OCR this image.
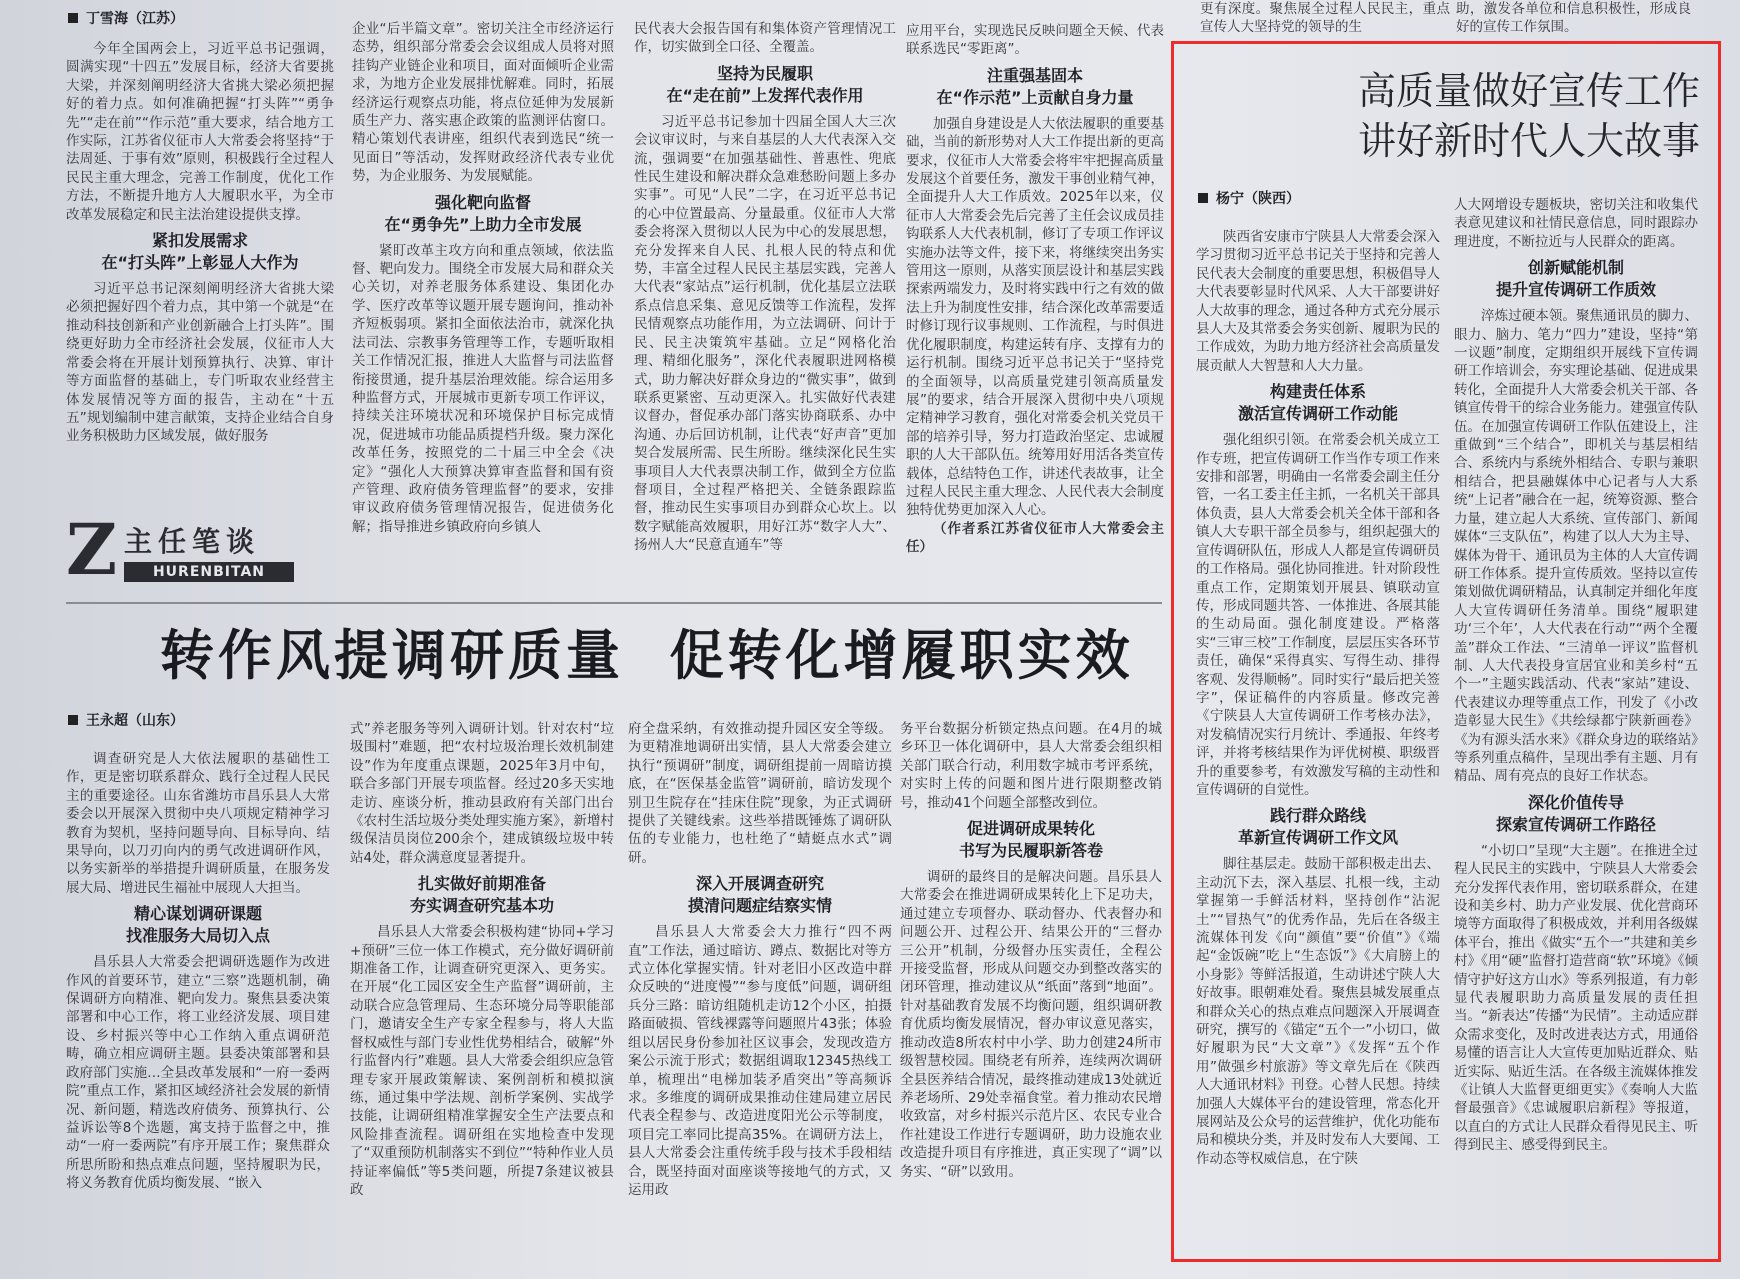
丁雪海（江苏）

今年全国两会上，习近平总书记强调，圆满实现“十四五”发展目标，经济大省要挑大梁，并深刻阐明经济大省挑大梁必须把握好的着力点。如何准确把握“打头阵”“勇争先”“走在前”“作示范”重大要求，结合地方工作实际，江苏省仪征市人大常委会将坚持“于法周延、于事有效”原则，积极践行全过程人民民主重大理念，完善工作制度，优化工作方法，不断提升地方人大履职水平，为全市改革发展稳定和民主法治建设提供支撑。

紧扣发展需求
在“打头阵”上彰显人大作为

习近平总书记深刻阐明经济大省挑大梁必须把握好四个着力点，其中第一个就是“在推动科技创新和产业创新融合上打头阵”。围绕更好助力全市经济社会发展，仪征市人大常委会将在开展计划预算执行、决算、审计等方面监督的基础上，专门听取农业经营主体发展情况等方面的报告，主动在“十五五”规划编制中建言献策，支持企业结合自身业务积极助力区域发展，做好服务

Z 主任笔谈
HURENBITAN

企业“后半篇文章”。密切关注全市经济运行态势，组织部分常委会会议组成人员将对照挂钩产业链企业和项目，面对面倾听企业需求，为地方企业发展排忧解难。同时，拓展经济运行观察点功能，将点位延伸为发展新质生产力、落实惠企政策的监测评估窗口。精心策划代表讲座，组织代表到选民“统一见面日”等活动，发挥财政经济代表专业优势，为企业服务、为发展赋能。

强化靶向监督
在“勇争先”上助力全市发展

紧盯改革主攻方向和重点领域，依法监督、靶向发力。围绕全市发展大局和群众关心关切，对养老服务体系建设、集团化办学、医疗改革等议题开展专题询问，推动补齐短板弱项。紧扣全面依法治市，就深化执法司法、宗教事务管理等工作，专题听取相关工作情况汇报，推进人大监督与司法监督衔接贯通，提升基层治理效能。综合运用多种监督方式，开展城市更新专项工作评议，持续关注环境状况和环境保护目标完成情况，促进城市功能品质提档升级。聚力深化改革任务，按照党的二十届三中全会《决定》“强化人大预算决算审查监督和国有资产管理、政府债务管理监督”的要求，安排审议政府债务管理情况报告，促进债务化解；指导推进乡镇政府向乡镇人

民代表大会报告国有和集体资产管理情况工作，切实做到全口径、全覆盖。

坚持为民履职
在“走在前”上发挥代表作用

习近平总书记参加十四届全国人大三次会议审议时，与来自基层的人大代表深入交流，强调要“在加强基础性、普惠性、兜底性民生建设和解决群众急难愁盼问题上多办实事”。可见“人民”二字，在习近平总书记的心中位置最高、分量最重。仪征市人大常委会将深入贯彻以人民为中心的发展思想，充分发挥来自人民、扎根人民的特点和优势，丰富全过程人民民主基层实践，完善人大代表“家站点”运行机制，优化基层立法联系点信息采集、意见反馈等工作流程，发挥民情观察点功能作用，为立法调研、问计于民、民主决策筑牢基础。立足“网格化治理、精细化服务”，深化代表履职进网格模式，助力解决好群众身边的“微实事”，做到联系更紧密、互动更深入。扎实做好代表建议督办，督促承办部门落实协商联系、办中沟通、办后回访机制，让代表“好声音”更加契合发展所需、民生所盼。继续深化民生实事项目人大代表票决制工作，做到全方位监督项目，全过程严格把关、全链条跟踪监督，推动民生实事项目办到群众心坎上。以数字赋能高效履职，用好江苏“数字人大”、扬州人大“民意直通车”等

应用平台，实现选民反映问题全天候、代表联系选民“零距离”。

注重强基固本
在“作示范”上贡献自身力量

加强自身建设是人大依法履职的重要基础，当前的新形势对人大工作提出新的更高要求，仪征市人大常委会将牢牢把握高质量发展这个首要任务，激发干事创业精气神，全面提升人大工作质效。2025年以来，仪征市人大常委会先后完善了主任会议成员挂钩联系人大代表机制，修订了专项工作评议实施办法等文件，接下来，将继续突出务实管用这一原则，从落实顶层设计和基层实践探索两端发力，及时将实践中行之有效的做法上升为制度性安排，结合深化改革需要适时修订现行议事规则、工作流程，与时俱进优化履职制度，构建运转有序、支撑有力的运行机制。围绕习近平总书记关于“坚持党的全面领导，以高质量党建引领高质量发展”的要求，结合开展深入贯彻中央八项规定精神学习教育，强化对常委会机关党员干部的培养引导，努力打造政治坚定、忠诚履职的人大干部队伍。统筹用好用活各类宣传载体，总结特色工作，讲述代表故事，让全过程人民民主重大理念、人民代表大会制度独特优势更加深入人心。

（作者系江苏省仪征市人大常委会主任）

更有深度。聚焦展全过程人民民主，重点宣传人大坚持党的领导的生

助，激发各单位和信息积极性，形成良好的宣传工作氛围。

转作风提调研质量  促转化增履职实效
王永超（山东）

调查研究是人大依法履职的基础性工作，更是密切联系群众、践行全过程人民民主的重要途径。山东省潍坊市昌乐县人大常委会以开展深入贯彻中央八项规定精神学习教育为契机，坚持问题导向、目标导向、结果导向，以刀刃向内的勇气改进调研作风，以务实新举的举措提升调研质量，在服务发展大局、增进民生福祉中展现人大担当。

精心谋划调研课题
找准服务大局切入点

昌乐县人大常委会把调研选题作为改进作风的首要环节，建立“三察”选题机制，确保调研方向精准、靶向发力。聚焦县委决策部署和中心工作，将工业经济发展、项目建设、乡村振兴等中心工作纳入重点调研范畴，确立相应调研主题。县委决策部署和县政府部门实施…全县改革发展和“一府一委两院”重点工作，紧扣区域经济社会发展的新情况、新问题，精选改府债务、预算执行、公益诉讼等8个选题，寓支持于监督之中，推动“一府一委两院”有序开展工作；聚焦群众所思所盼和热点难点问题，坚持履职为民，将义务教育优质均衡发展、“嵌入

式”养老服务等列入调研计划。针对农村“垃圾围村”难题，把“农村垃圾治理长效机制建设”作为年度重点课题，2025年3月中旬，联合多部门开展专项监督。经过20多天实地走访、座谈分析，推动县政府有关部门出台《农村生活垃圾分类处理实施方案》，新增村级保洁员岗位200余个，建成镇级垃圾中转站4处，群众满意度显著提升。

扎实做好前期准备
夯实调查研究基本功

昌乐县人大常委会积极构建“协同+学习+预研”三位一体工作模式，充分做好调研前期准备工作，让调查研究更深入、更务实。在开展“化工园区安全生产监督”调研前，主动联合应急管理局、生态环境分局等职能部门，邀请安全生产专家全程参与，将人大监督权威性与部门专业性优势相结合，破解“外行监督内行”难题。县人大常委会组织应急管理专家开展政策解读、案例剖析和模拟演练，通过集中学法规、剖析学案例、实战学技能，让调研组精准掌握安全生产法要点和风险排查流程。调研组在实地检查中发现了“双重预防机制落实不到位”“特种作业人员持证率偏低”等5类问题，所提7条建议被县政

府全盘采纳，有效推动提升园区安全等级。为更精准地调研出实情，县人大常委会建立执行“预调研”制度，调研组提前一周暗访摸底，在“医保基金监管”调研前，暗访发现个别卫生院存在“挂床住院”现象，为正式调研提供了关键线索。这些举措既锤炼了调研队伍的专业能力，也杜绝了“蜻蜓点水式”调研。

深入开展调查研究
摸清问题症结察实情

昌乐县人大常委会大力推行“四不两直”工作法，通过暗访、蹲点、数据比对等方式立体化掌握实情。针对老旧小区改造中群众反映的“进度慢”“参与度低”问题，调研组兵分三路：暗访组随机走访12个小区，拍摄路面破损、管线裸露等问题照片43张；体验组以居民身份参加社区议事会，发现改造方案公示流于形式；数据组调取12345热线工单，梳理出“电梯加装矛盾突出”等高频诉求。多维度的调研成果推动住建局建立居民代表全程参与、改造进度阳光公示等制度，项目完工率同比提高35%。在调研方法上，县人大常委会注重传统手段与技术手段相结合，既坚持面对面座谈等接地气的方式，又运用政

务平台数据分析锁定热点问题。在4月的城乡环卫一体化调研中，县人大常委会组织相关部门联合行动，利用数字城市考评系统，对实时上传的问题和图片进行限期整改销号，推动41个问题全部整改到位。

促进调研成果转化
书写为民履职新答卷

调研的最终目的是解决问题。昌乐县人大常委会在推进调研成果转化上下足功夫，通过建立专项督办、联动督办、代表督办和问题公开、过程公开、结果公开的“三督办三公开”机制，分级督办压实责任，全程公开接受监督，形成从问题交办到整改落实的闭环管理，推动建议从“纸面”落到“地面”。针对基础教育发展不均衡问题，组织调研教育优质均衡发展情况，督办审议意见落实，推动改造8所农村中小学、助力创建24所市级智慧校园。围绕老有所养，连续两次调研全县医养结合情况，最终推动建成13处就近养老场所、29处幸福食堂。着力推动农民增收致富，对乡村振兴示范片区、农民专业合作社建设工作进行专题调研，助力设施农业改造提升项目有序推进，真正实现了“调”以务实、“研”以致用。

高质量做好宣传工作
讲好新时代人大故事
杨宁（陕西）

陕西省安康市宁陕县人大常委会深入学习贯彻习近平总书记关于坚持和完善人民代表大会制度的重要思想，积极倡导人大代表要彰显时代风采、人大干部要讲好人大故事的理念，通过各种方式充分展示县人大及其常委会务实创新、履职为民的工作成效，为助力地方经济社会高质量发展贡献人大智慧和人大力量。

构建责任体系
激活宣传调研工作动能

强化组织引领。在常委会机关成立工作专班，把宣传调研工作当作专项工作来安排和部署，明确由一名常委会副主任分管，一名工委主任主抓，一名机关干部具体负责，县人大常委会机关全体干部和各镇人大专职干部全员参与，组织起强大的宣传调研队伍，形成人人都是宣传调研员的工作格局。强化协同推进。针对阶段性重点工作，定期策划开展县、镇联动宣传，形成同题共答、一体推进、各展其能的生动局面。强化制度建设。严格落实“三审三校”工作制度，层层压实各环节责任，确保“采得真实、写得生动、排得客观、发得顺畅”。同时实行“最后把关签字”，保证稿件的内容质量。修改完善《宁陕县人大宣传调研工作考核办法》，对发稿情况实行月统计、季通报、年终考评，并将考核结果作为评优树模、职级晋升的重要参考，有效激发写稿的主动性和宣传调研的自觉性。

践行群众路线
革新宣传调研工作文风

脚往基层走。鼓励干部积极走出去、主动沉下去，深入基层、扎根一线，主动掌握第一手鲜活材料，坚持创作“沾泥土”“冒热气”的优秀作品，先后在各级主流媒体刊发《向“颜值”要“价值”》《端起“金饭碗”吃上“生态饭”》《大肩膀上的小身影》等鲜活报道，生动讲述宁陕人大好故事。眼朝难处看。聚焦县城发展重点和群众关心的热点难点问题深入开展调查研究，撰写的《锚定“五个一”小切口，做好履职为民“大文章”》《发挥“五个作用”做强乡村旅游》等文章先后在《陕西人大通讯材料》刊登。心替人民想。持续加强人大媒体平台的建设管理，常态化开展网站及公众号的运营维护，优化功能布局和模块分类，并及时发布人大要闻、工作动态等权威信息，在宁陕

人大网增设专题板块，密切关注和收集代表意见建议和社情民意信息，同时跟踪办理进度，不断拉近与人民群众的距离。

创新赋能机制
提升宣传调研工作质效

淬炼过硬本领。聚焦通讯员的脚力、眼力、脑力、笔力“四力”建设，坚持“第一议题”制度，定期组织开展线下宣传调研工作培训会，夯实理论基础、促进成果转化，全面提升人大常委会机关干部、各镇宣传骨干的综合业务能力。建强宣传队伍。在加强宣传调研工作队伍建设上，注重做到“三个结合”，即机关与基层相结合、系统内与系统外相结合、专职与兼职相结合，把县融媒体中心记者与人大系统“上记者”融合在一起，统筹资源、整合力量，建立起人大系统、宣传部门、新闻媒体“三支队伍”，构建了以人大为主导、媒体为骨干、通讯员为主体的人大宣传调研工作体系。提升宣传质效。坚持以宣传策划做优调研精品，认真制定并细化年度人大宣传调研任务清单。围绕“履职建功‘三个年’，人大代表在行动”“两个全覆盖”群众工作法、“三清单一评议”监督机制、人大代表投身宣居宜业和美乡村“五个一”主题实践活动、代表“家站”建设、代表建议办理等重点工作，刊发了《小改造彰显大民生》《共绘绿都宁陕新画卷》《为有源头活水来》《群众身边的联络站》等系列重点稿件，呈现出季有主题、月有精品、周有亮点的良好工作状态。

深化价值传导
探索宣传调研工作路径

“小切口”呈现“大主题”。在推进全过程人民民主的实践中，宁陕县人大常委会充分发挥代表作用，密切联系群众，在建设和美乡村、助力产业发展、优化营商环境等方面取得了积极成效，并利用各级媒体平台，推出《做实“五个一”共建和美乡村》《用“硬”监督打造营商“软”环境》《倾情守护好这方山水》等系列报道，有力彰显代表履职助力高质量发展的责任担当。“新表达”传播“为民情”。主动适应群众需求变化，及时改进表达方式，用通俗易懂的语言让人大宣传更加贴近群众、贴近实际、贴近生活。在各级主流媒体推发《让镇人大监督更细更实》《奏响人大监督最强音》《忠诚履职启新程》等报道，以直白的方式让人民群众看得见民主、听得到民主、感受得到民主。
